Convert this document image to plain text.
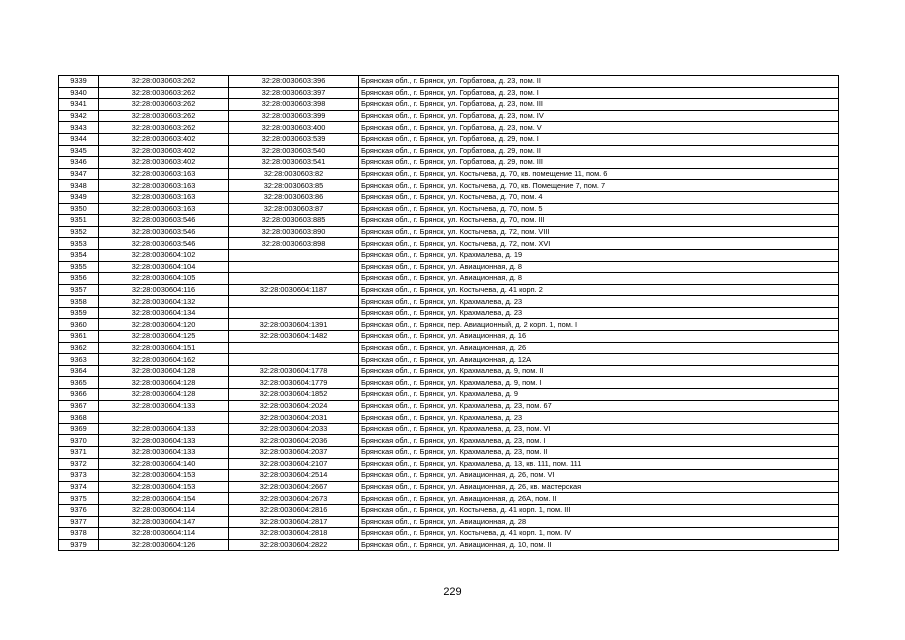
9339	32:28:0030603:262	32:28:0030603:396	Брянская обл., г. Брянск, ул. Горбатова, д. 23, пом. II
9340	32:28:0030603:262	32:28:0030603:397	Брянская обл., г. Брянск, ул. Горбатова, д. 23, пом. I
9341	32:28:0030603:262	32:28:0030603:398	Брянская обл., г. Брянск, ул. Горбатова, д. 23, пом. III
9342	32:28:0030603:262	32:28:0030603:399	Брянская обл., г. Брянск, ул. Горбатова, д. 23, пом. IV
9343	32:28:0030603:262	32:28:0030603:400	Брянская обл., г. Брянск, ул. Горбатова, д. 23, пом. V
9344	32:28:0030603:402	32:28:0030603:539	Брянская обл., г. Брянск, ул. Горбатова, д. 29, пом. I
9345	32:28:0030603:402	32:28:0030603:540	Брянская обл., г. Брянск, ул. Горбатова, д. 29, пом. II
9346	32:28:0030603:402	32:28:0030603:541	Брянская обл., г. Брянск, ул. Горбатова, д. 29, пом. III
9347	32:28:0030603:163	32:28:0030603:82	Брянская обл., г. Брянск, ул. Костычева, д. 70, кв. помещение 11, пом. 6
9348	32:28:0030603:163	32:28:0030603:85	Брянская обл., г. Брянск, ул. Костычева, д. 70, кв. Помещение 7, пом. 7
9349	32:28:0030603:163	32:28:0030603:86	Брянская обл., г. Брянск, ул. Костычева, д. 70, пом. 4
9350	32:28:0030603:163	32:28:0030603:87	Брянская обл., г. Брянск, ул. Костычева, д. 70, пом. 5
9351	32:28:0030603:546	32:28:0030603:885	Брянская обл., г. Брянск, ул. Костычева, д. 70, пом. III
9352	32:28:0030603:546	32:28:0030603:890	Брянская обл., г. Брянск, ул. Костычева, д. 72, пом. VIII
9353	32:28:0030603:546	32:28:0030603:898	Брянская обл., г. Брянск, ул. Костычева, д. 72, пом. XVI
9354	32:28:0030604:102		Брянская обл., г. Брянск, ул. Крахмалева, д. 19
9355	32:28:0030604:104		Брянская обл., г. Брянск, ул. Авиационная, д. 8
9356	32:28:0030604:105		Брянская обл., г. Брянск, ул. Авиационная, д. 8
9357	32:28:0030604:116	32:28:0030604:1187	Брянская обл., г. Брянск, ул. Костычева, д. 41 корп. 2
9358	32:28:0030604:132		Брянская обл., г. Брянск, ул. Крахмалева, д. 23
9359	32:28:0030604:134		Брянская обл., г. Брянск, ул. Крахмалева, д. 23
9360	32:28:0030604:120	32:28:0030604:1391	Брянская обл., г. Брянск, пер. Авиационный, д. 2 корп. 1, пом. I
9361	32:28:0030604:125	32:28:0030604:1482	Брянская обл., г. Брянск, ул. Авиационная, д. 16
9362	32:28:0030604:151		Брянская обл., г. Брянск, ул. Авиационная, д. 26
9363	32:28:0030604:162		Брянская обл., г. Брянск, ул. Авиационная, д. 12А
9364	32:28:0030604:128	32:28:0030604:1778	Брянская обл., г. Брянск, ул. Крахмалева, д. 9, пом. II
9365	32:28:0030604:128	32:28:0030604:1779	Брянская обл., г. Брянск, ул. Крахмалева, д. 9, пом. I
9366	32:28:0030604:128	32:28:0030604:1852	Брянская обл., г. Брянск, ул. Крахмалева, д. 9
9367	32:28:0030604:133	32:28:0030604:2024	Брянская обл., г. Брянск, ул. Крахмалева, д. 23, пом. 67
9368		32:28:0030604:2031	Брянская обл., г. Брянск, ул. Крахмалева, д. 23
9369	32:28:0030604:133	32:28:0030604:2033	Брянская обл., г. Брянск, ул. Крахмалева, д. 23, пом. VI
9370	32:28:0030604:133	32:28:0030604:2036	Брянская обл., г. Брянск, ул. Крахмалева, д. 23, пом. I
9371	32:28:0030604:133	32:28:0030604:2037	Брянская обл., г. Брянск, ул. Крахмалева, д. 23, пом. II
9372	32:28:0030604:140	32:28:0030604:2107	Брянская обл., г. Брянск, ул. Крахмалева, д. 13, кв. 111, пом. 111
9373	32:28:0030604:153	32:28:0030604:2514	Брянская обл., г. Брянск, ул. Авиационная, д. 26, пом. VI
9374	32:28:0030604:153	32:28:0030604:2667	Брянская обл., г. Брянск, ул. Авиационная, д. 26, кв. мастерская
9375	32:28:0030604:154	32:28:0030604:2673	Брянская обл., г. Брянск, ул. Авиационная, д. 26А, пом. II
9376	32:28:0030604:114	32:28:0030604:2816	Брянская обл., г. Брянск, ул. Костычева, д. 41 корп. 1, пом. III
9377	32:28:0030604:147	32:28:0030604:2817	Брянская обл., г. Брянск, ул. Авиационная, д. 28
9378	32:28:0030604:114	32:28:0030604:2818	Брянская обл., г. Брянск, ул. Костычева, д. 41 корп. 1, пом. IV
9379	32:28:0030604:126	32:28:0030604:2822	Брянская обл., г. Брянск, ул. Авиационная, д. 10, пом. II
229
